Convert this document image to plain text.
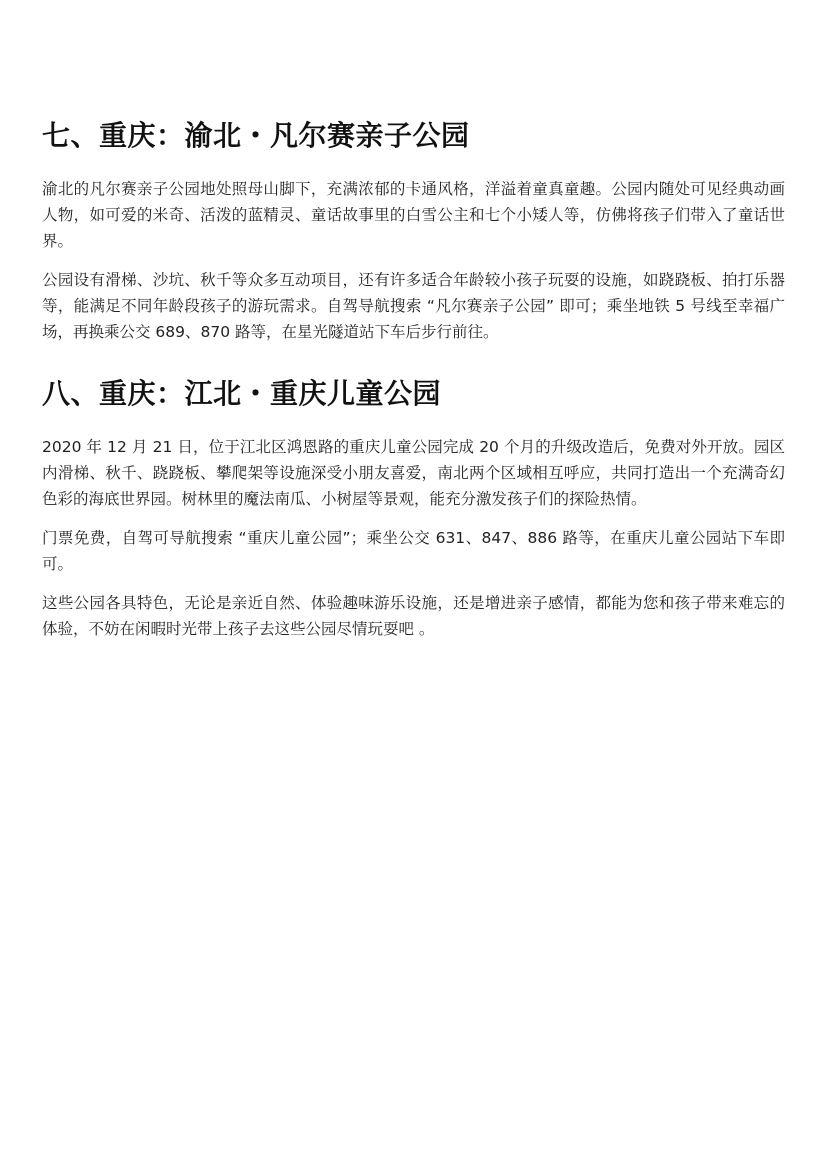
七、重庆：渝北・凡尔赛亲子公园

渝北的凡尔赛亲子公园地处照母山脚下，充满浓郁的卡通风格，洋溢着童真童趣。公园内随处可见经典动画人物，如可爱的米奇、活泼的蓝精灵、童话故事里的白雪公主和七个小矮人等，仿佛将孩子们带入了童话世界。

公园设有滑梯、沙坑、秋千等众多互动项目，还有许多适合年龄较小孩子玩耍的设施，如跷跷板、拍打乐器等，能满足不同年龄段孩子的游玩需求。自驾导航搜索 “凡尔赛亲子公园” 即可；乘坐地铁 5 号线至幸福广场，再换乘公交 689、870 路等，在星光隧道站下车后步行前往。

八、重庆：江北・重庆儿童公园

2020 年 12 月 21 日，位于江北区鸿恩路的重庆儿童公园完成 20 个月的升级改造后，免费对外开放。园区内滑梯、秋千、跷跷板、攀爬架等设施深受小朋友喜爱，南北两个区域相互呼应，共同打造出一个充满奇幻色彩的海底世界园。树林里的魔法南瓜、小树屋等景观，能充分激发孩子们的探险热情。

门票免费，自驾可导航搜索 “重庆儿童公园”；乘坐公交 631、847、886 路等，在重庆儿童公园站下车即可。

这些公园各具特色，无论是亲近自然、体验趣味游乐设施，还是增进亲子感情，都能为您和孩子带来难忘的体验，不妨在闲暇时光带上孩子去这些公园尽情玩耍吧 。
